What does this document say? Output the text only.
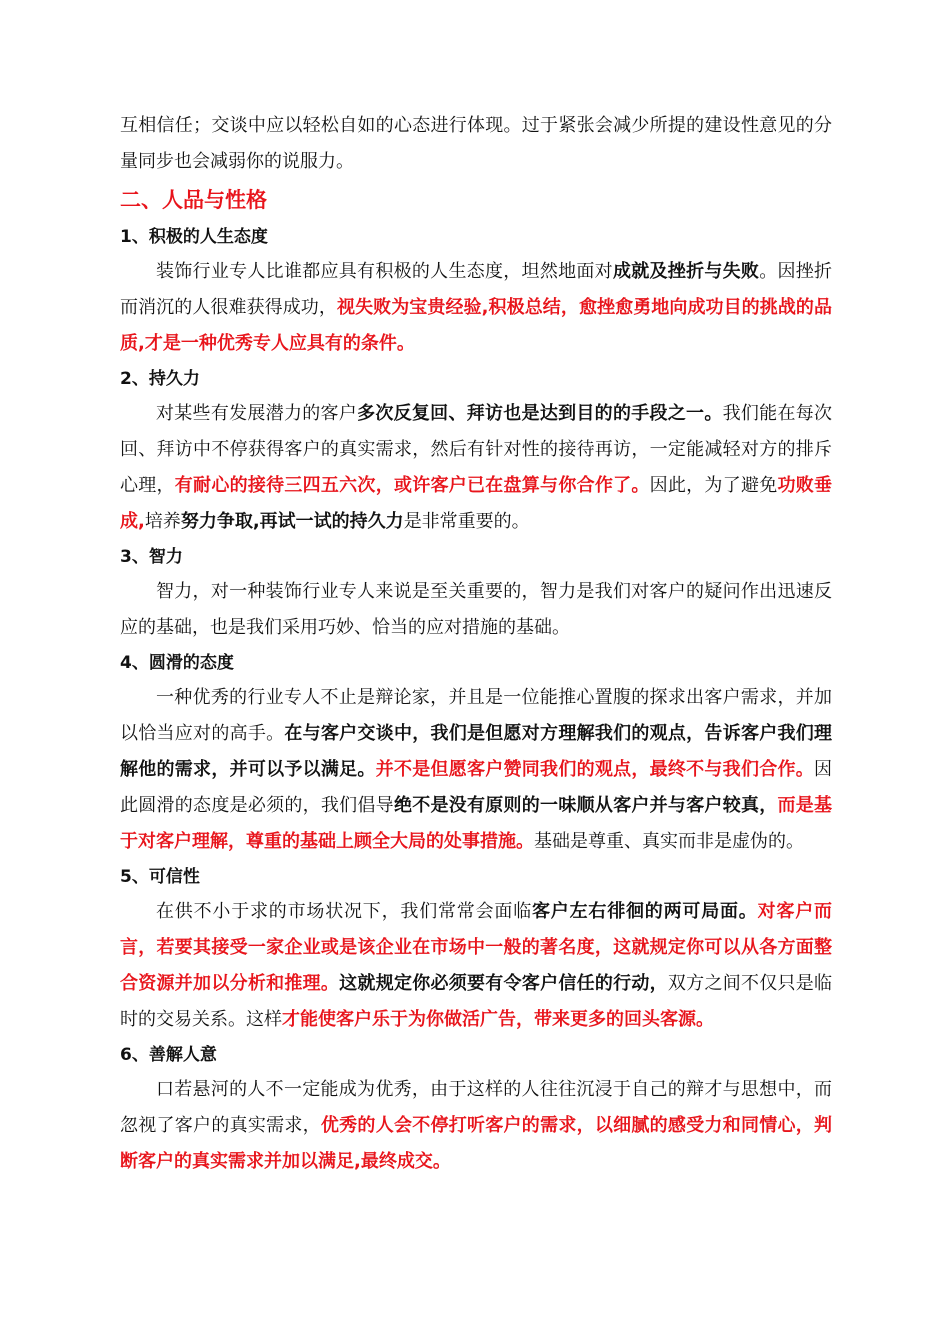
互相信任；交谈中应以轻松自如的心态进行体现。过于紧张会减少所提的建设性意见的分量同步也会减弱你的说服力。

二、人品与性格
1、积极的人生态度

装饰行业专人比谁都应具有积极的人生态度，坦然地面对成就及挫折与失败。因挫折而消沉的人很难获得成功，视失败为宝贵经验,积极总结，愈挫愈勇地向成功目的挑战的品质,才是一种优秀专人应具有的条件。

2、持久力

对某些有发展潜力的客户多次反复回、拜访也是达到目的的手段之一。我们能在每次回、拜访中不停获得客户的真实需求，然后有针对性的接待再访，一定能减轻对方的排斥心理，有耐心的接待三四五六次，或许客户已在盘算与你合作了。因此，为了避免功败垂成,培养努力争取,再试一试的持久力是非常重要的。

3、智力

智力，对一种装饰行业专人来说是至关重要的，智力是我们对客户的疑问作出迅速反应的基础，也是我们采用巧妙、恰当的应对措施的基础。

4、圆滑的态度

一种优秀的行业专人不止是辩论家，并且是一位能推心置腹的探求出客户需求，并加以恰当应对的高手。在与客户交谈中，我们是但愿对方理解我们的观点，告诉客户我们理解他的需求，并可以予以满足。并不是但愿客户赞同我们的观点，最终不与我们合作。因此圆滑的态度是必须的，我们倡导绝不是没有原则的一味顺从客户并与客户较真，而是基于对客户理解，尊重的基础上顾全大局的处事措施。基础是尊重、真实而非是虚伪的。

5、可信性

在供不小于求的市场状况下，我们常常会面临客户左右徘徊的两可局面。对客户而言，若要其接受一家企业或是该企业在市场中一般的著名度，这就规定你可以从各方面整合资源并加以分析和推理。这就规定你必须要有令客户信任的行动，双方之间不仅只是临时的交易关系。这样才能使客户乐于为你做活广告，带来更多的回头客源。

6、善解人意

口若悬河的人不一定能成为优秀，由于这样的人往往沉浸于自己的辩才与思想中，而忽视了客户的真实需求，优秀的人会不停打听客户的需求，以细腻的感受力和同情心，判断客户的真实需求并加以满足,最终成交。
